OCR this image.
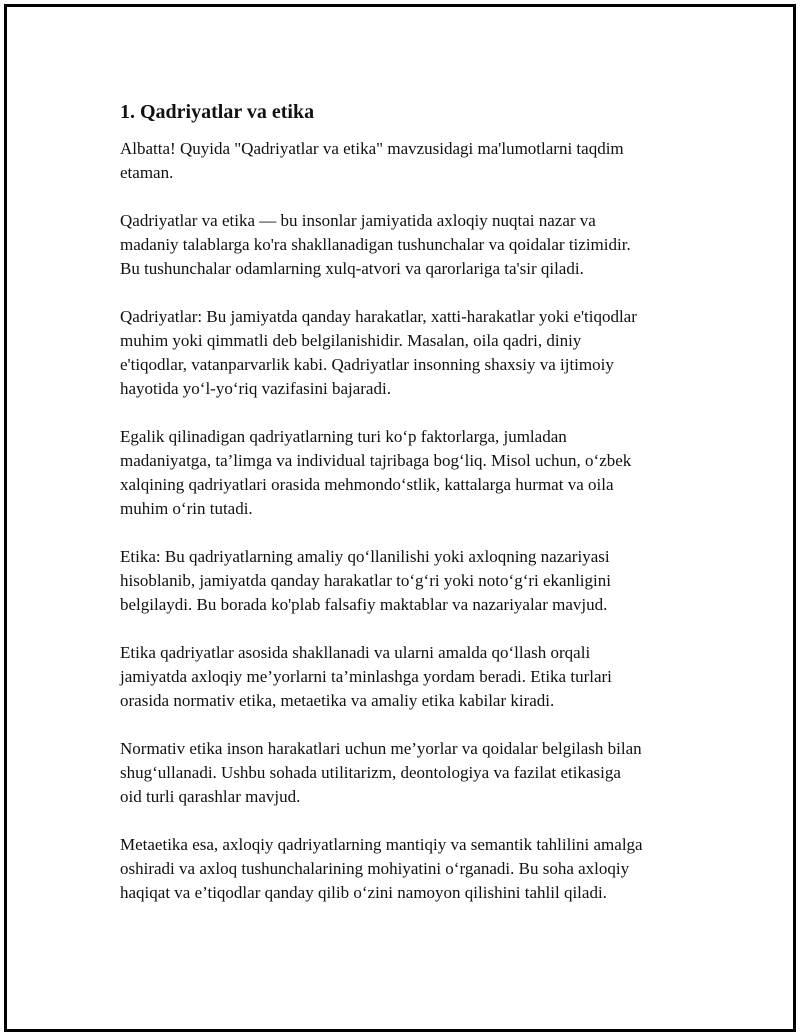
1. Qadriyatlar va etika

Albatta! Quyida "Qadriyatlar va etika" mavzusidagi ma'lumotlarni taqdim
etaman.

Qadriyatlar va etika — bu insonlar jamiyatida axloqiy nuqtai nazar va
madaniy talablarga ko'ra shakllanadigan tushunchalar va qoidalar tizimidir.
Bu tushunchalar odamlarning xulq-atvori va qarorlariga ta'sir qiladi.

Qadriyatlar: Bu jamiyatda qanday harakatlar, xatti-harakatlar yoki e'tiqodlar
muhim yoki qimmatli deb belgilanishidir. Masalan, oila qadri, diniy
e'tiqodlar, vatanparvarlik kabi. Qadriyatlar insonning shaxsiy va ijtimoiy
hayotida yo‘l-yo‘riq vazifasini bajaradi.

Egalik qilinadigan qadriyatlarning turi ko‘p faktorlarga, jumladan
madaniyatga, ta’limga va individual tajribaga bog‘liq. Misol uchun, o‘zbek
xalqining qadriyatlari orasida mehmondo‘stlik, kattalarga hurmat va oila
muhim o‘rin tutadi.

Etika: Bu qadriyatlarning amaliy qo‘llanilishi yoki axloqning nazariyasi
hisoblanib, jamiyatda qanday harakatlar to‘g‘ri yoki noto‘g‘ri ekanligini
belgilaydi. Bu borada ko'plab falsafiy maktablar va nazariyalar mavjud.

Etika qadriyatlar asosida shakllanadi va ularni amalda qo‘llash orqali
jamiyatda axloqiy me’yorlarni ta’minlashga yordam beradi. Etika turlari
orasida normativ etika, metaetika va amaliy etika kabilar kiradi.

Normativ etika inson harakatlari uchun me’yorlar va qoidalar belgilash bilan
shug‘ullanadi. Ushbu sohada utilitarizm, deontologiya va fazilat etikasiga
oid turli qarashlar mavjud.

Metaetika esa, axloqiy qadriyatlarning mantiqiy va semantik tahlilini amalga
oshiradi va axloq tushunchalarining mohiyatini o‘rganadi. Bu soha axloqiy
haqiqat va e’tiqodlar qanday qilib o‘zini namoyon qilishini tahlil qiladi.
